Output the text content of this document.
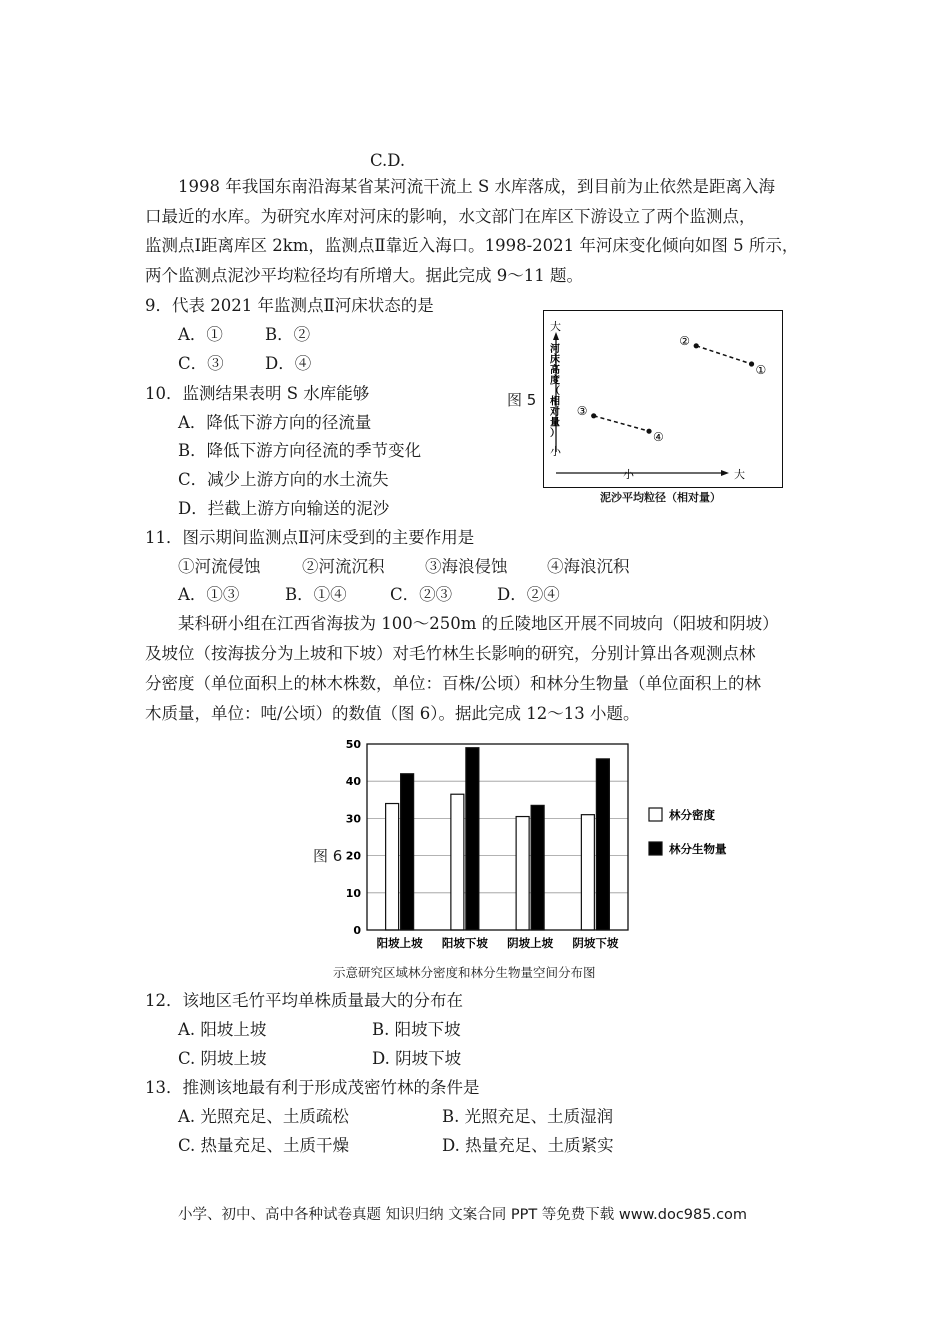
C.D.
1998 年我国东南沿海某省某河流干流上 S 水库落成，到目前为止依然是距离入海
口最近的水库。为研究水库对河床的影响，水文部门在库区下游设立了两个监测点，
监测点Ⅰ距离库区 2km，监测点Ⅱ靠近入海口。1998-2021 年河床变化倾向如图 5 所示，
两个监测点泥沙平均粒径均有所增大。据此完成 9～11 题。
9．代表 2021 年监测点Ⅱ河床状态的是
A．①	B．②
C．③	D．④
10．监测结果表明 S 水库能够
A．降低下游方向的径流量
B．降低下游方向径流的季节变化
C．减少上游方向的水土流失
D．拦截上游方向输送的泥沙
图 5
大
小
小	大
河
床
高
度
（
相
对
量
）
①
②
③
④
泥沙平均粒径（相对量）
11．图示期间监测点Ⅱ河床受到的主要作用是
①河流侵蚀	②河流沉积 ③海浪侵蚀 ④海浪沉积
A．①③	B．①④	C．②③	D．②④
某科研小组在江西省海拔为 100～250m 的丘陵地区开展不同坡向（阳坡和阴坡）
及坡位（按海拔分为上坡和下坡）对毛竹林生长影响的研究，分别计算出各观测点林
分密度（单位面积上的林木株数，单位：百株/公顷）和林分生物量（单位面积上的林
木质量，单位：吨/公顷）的数值（图 6）。据此完成 12～13 小题。
图 6
0
10
20
30
40
50
阳坡上坡 阳坡下坡 阴坡上坡 阴坡下坡
林分密度
林分生物量
示意研究区域林分密度和林分生物量空间分布图
12．该地区毛竹平均单株质量最大的分布在
A. 阳坡上坡	B. 阳坡下坡
C. 阴坡上坡	D. 阴坡下坡
13．推测该地最有利于形成茂密竹林的条件是
A. 光照充足、土质疏松	B. 光照充足、土质湿润
C. 热量充足、土质干燥	D. 热量充足、土质紧实
小学、初中、高中各种试卷真题 知识归纳 文案合同 PPT 等免费下载 www.doc985.com
